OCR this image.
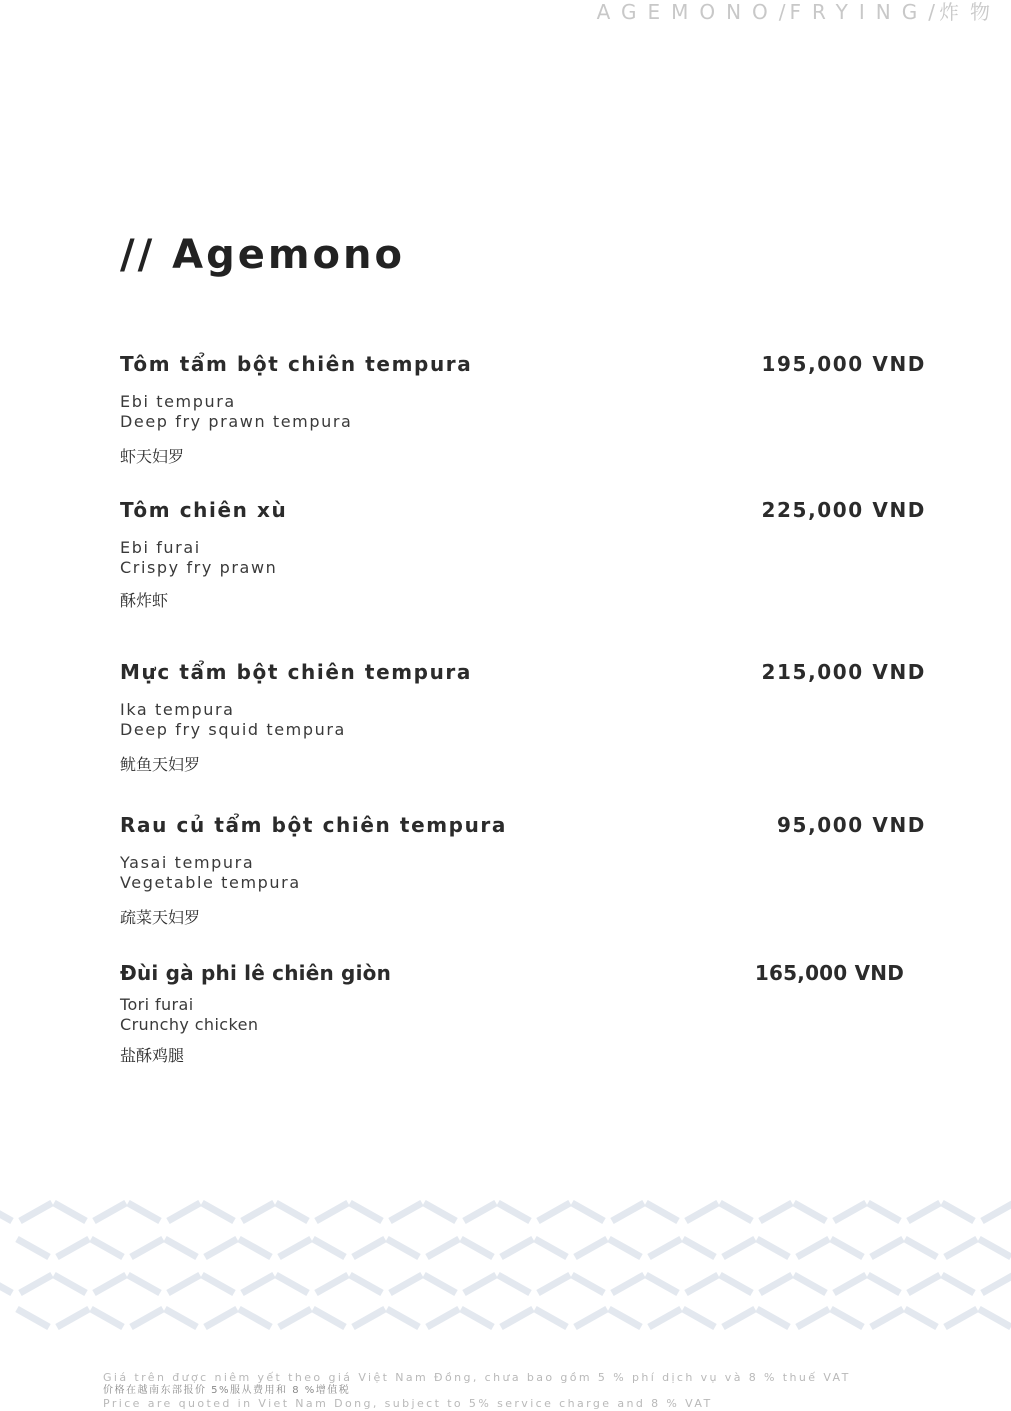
AGEMONO/FRYING/炸物
// Agemono
Tôm tẩm bột chiên tempura	195,000 VND
Ebi tempura
Deep fry prawn tempura
虾天妇罗
Tôm chiên xù	225,000 VND
Ebi furai
Crispy fry prawn
酥炸虾
Mực tẩm bột chiên tempura	215,000 VND
Ika tempura
Deep fry squid tempura
鱿鱼天妇罗
Rau củ tẩm bột chiên tempura	95,000 VND
Yasai tempura
Vegetable tempura
疏菜天妇罗
Đùi gà phi lê chiên giòn	165,000 VND
Tori furai
Crunchy chicken
盐酥鸡腿
Giá trên được niêm yết theo giá Việt Nam Đồng, chưa bao gồm 5 % phí dịch vụ và 8 % thuế VAT
价格在越南东部报价 5%服从费用和 8 %增值税
Price are quoted in Viet Nam Dong, subject to 5% service charge and 8 % VAT
